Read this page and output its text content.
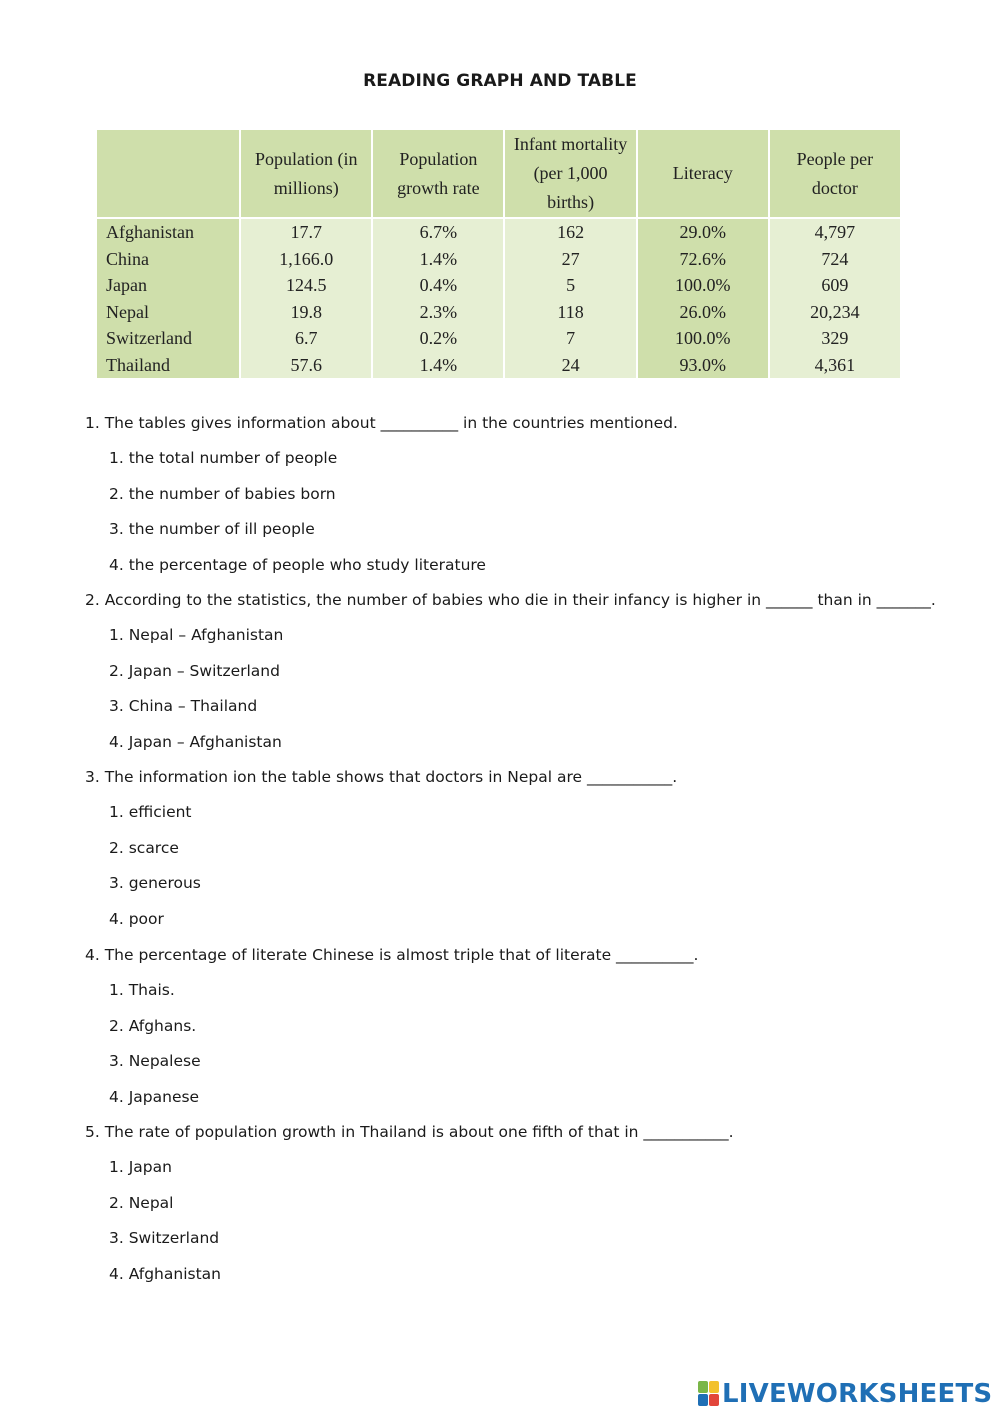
READING GRAPH AND TABLE
	Population (in millions)	Population growth rate	Infant mortality (per 1,000 births)	Literacy	People per doctor
Afghanistan	17.7	6.7%	162	29.0%	4,797
China	1,166.0	1.4%	27	72.6%	724
Japan	124.5	0.4%	5	100.0%	609
Nepal	19.8	2.3%	118	26.0%	20,234
Switzerland	6.7	0.2%	7	100.0%	329
Thailand	57.6	1.4%	24	93.0%	4,361
1. The tables gives information about __________ in the countries mentioned.
1. the total number of people
2. the number of babies born
3. the number of ill people
4. the percentage of people who study literature
2. According to the statistics, the number of babies who die in their infancy is higher in ______ than in _______.
1. Nepal – Afghanistan
2. Japan – Switzerland
3. China – Thailand
4. Japan – Afghanistan
3. The information ion the table shows that doctors in Nepal are ___________.
1. efficient
2. scarce
3. generous
4. poor
4. The percentage of literate Chinese is almost triple that of literate __________.
1. Thais.
2. Afghans.
3. Nepalese
4. Japanese
5. The rate of population growth in Thailand is about one fifth of that in ___________.
1. Japan
2. Nepal
3. Switzerland
4. Afghanistan
LIVEWORKSHEETS
